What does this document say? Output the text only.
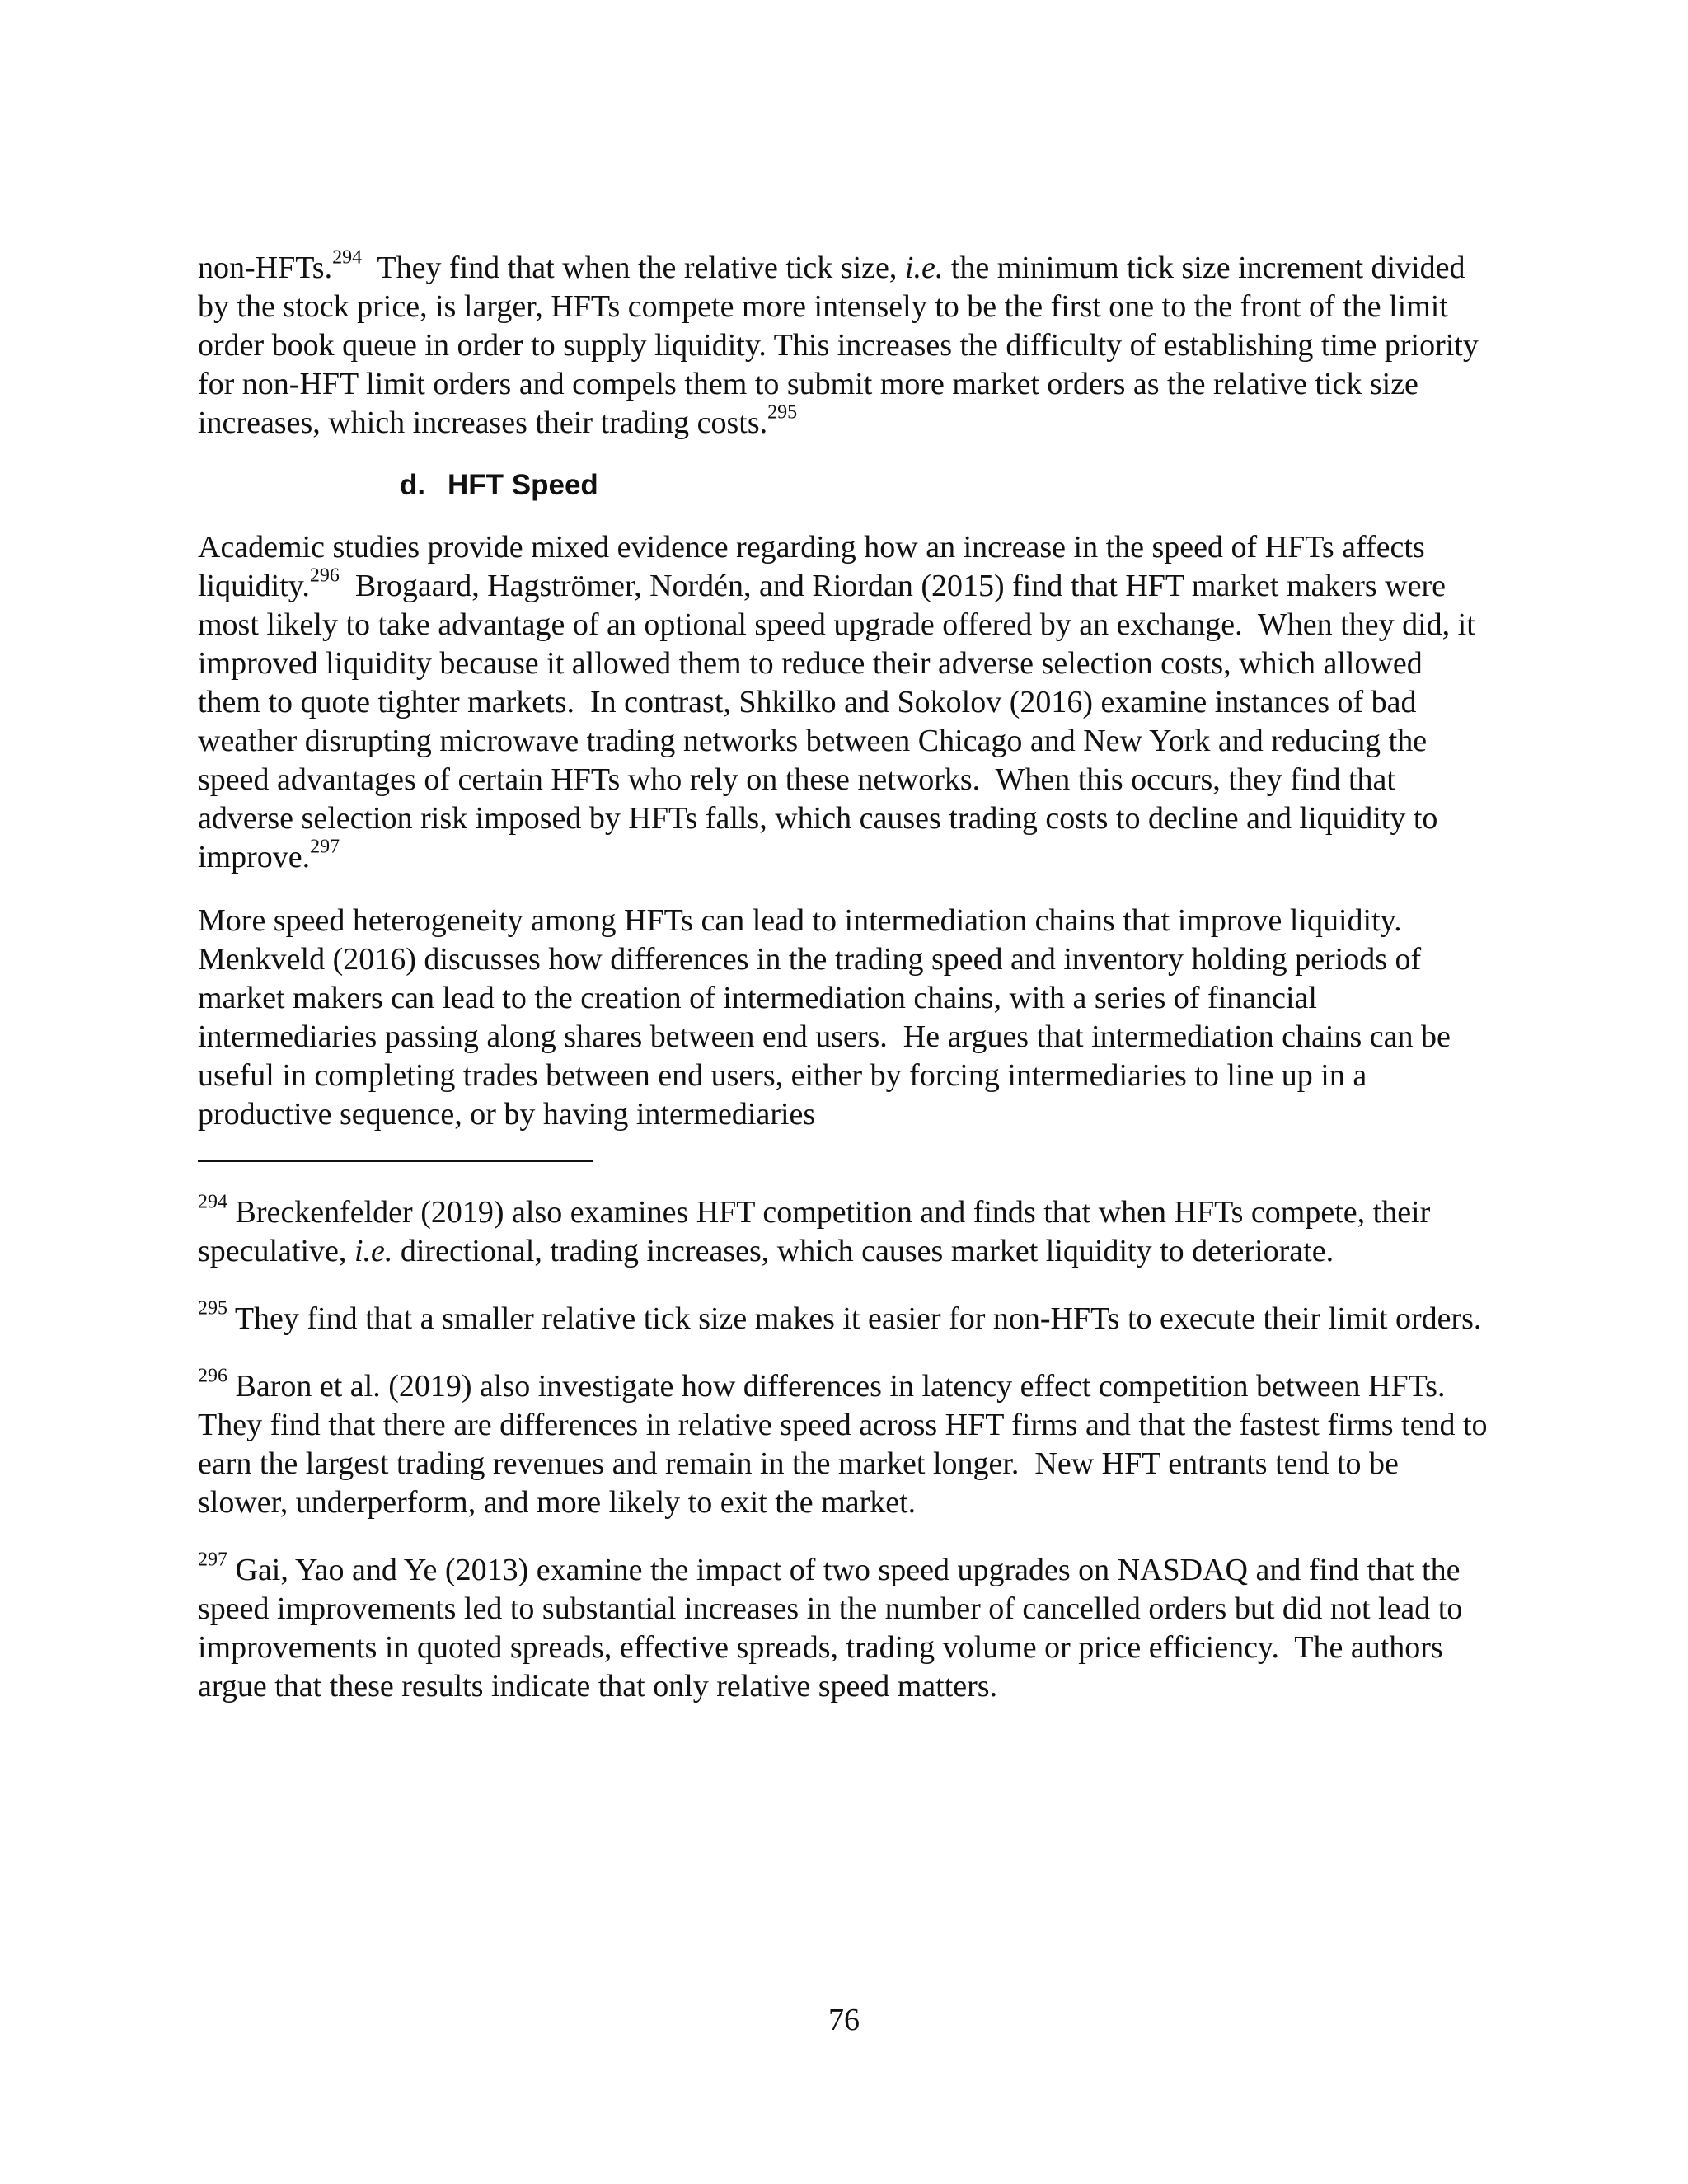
non-HFTs.$^{294}$  They find that when the relative tick size, i.e. the minimum tick size increment divided by the stock price, is larger, HFTs compete more intensely to be the first one to the front of the limit order book queue in order to supply liquidity. This increases the difficulty of establishing time priority for non-HFT limit orders and compels them to submit more market orders as the relative tick size increases, which increases their trading costs.$^{295}$

d. HFT Speed

Academic studies provide mixed evidence regarding how an increase in the speed of HFTs affects liquidity.$^{296}$  Brogaard, Hagströmer, Nordén, and Riordan (2015) find that HFT market makers were most likely to take advantage of an optional speed upgrade offered by an exchange.  When they did, it improved liquidity because it allowed them to reduce their adverse selection costs, which allowed them to quote tighter markets.  In contrast, Shkilko and Sokolov (2016) examine instances of bad weather disrupting microwave trading networks between Chicago and New York and reducing the speed advantages of certain HFTs who rely on these networks.  When this occurs, they find that adverse selection risk imposed by HFTs falls, which causes trading costs to decline and liquidity to improve.$^{297}$

More speed heterogeneity among HFTs can lead to intermediation chains that improve liquidity.  Menkveld (2016) discusses how differences in the trading speed and inventory holding periods of market makers can lead to the creation of intermediation chains, with a series of financial intermediaries passing along shares between end users.  He argues that intermediation chains can be useful in completing trades between end users, either by forcing intermediaries to line up in a productive sequence, or by having intermediaries

$^{294}$ Breckenfelder (2019) also examines HFT competition and finds that when HFTs compete, their speculative, i.e. directional, trading increases, which causes market liquidity to deteriorate.

$^{295}$ They find that a smaller relative tick size makes it easier for non-HFTs to execute their limit orders.

$^{296}$ Baron et al. (2019) also investigate how differences in latency effect competition between HFTs.  They find that there are differences in relative speed across HFT firms and that the fastest firms tend to earn the largest trading revenues and remain in the market longer.  New HFT entrants tend to be slower, underperform, and more likely to exit the market.

$^{297}$ Gai, Yao and Ye (2013) examine the impact of two speed upgrades on NASDAQ and find that the speed improvements led to substantial increases in the number of cancelled orders but did not lead to improvements in quoted spreads, effective spreads, trading volume or price efficiency.  The authors argue that these results indicate that only relative speed matters.

76
